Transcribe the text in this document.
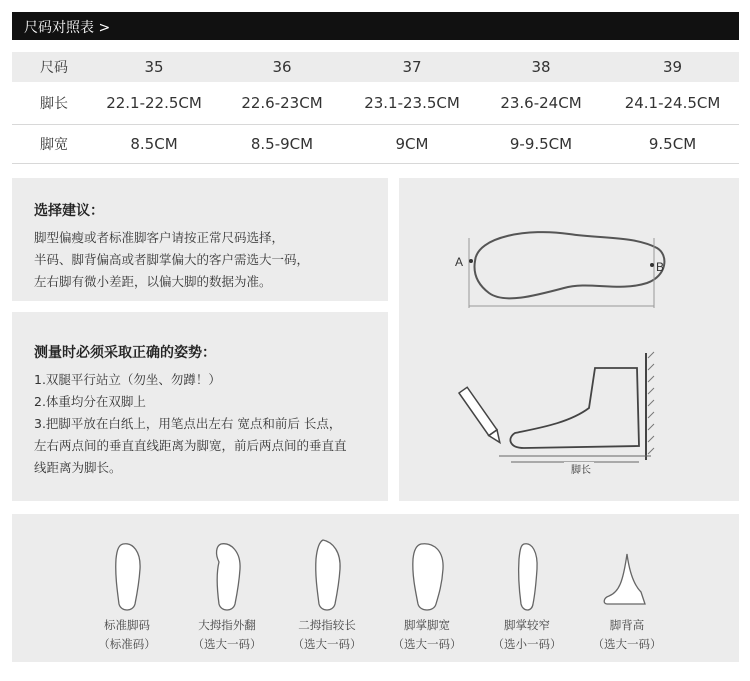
尺码对照表 >
尺码	35	36	37	38	39
脚长	22.1-22.5CM	22.6-23CM	23.1-23.5CM	23.6-24CM	24.1-24.5CM
脚宽	8.5CM	8.5-9CM	9CM	9-9.5CM	9.5CM
选择建议：
脚型偏瘦或者标准脚客户请按正常尺码选择，
半码、脚背偏高或者脚掌偏大的客户需选大一码，
左右脚有微小差距，以偏大脚的数据为准。
测量时必须采取正确的姿势：
1.双腿平行站立（勿坐、勿蹲！）
2.体重均分在双脚上
3.把脚平放在白纸上，用笔点出左右 宽点和前后 长点，
左右两点间的垂直直线距离为脚宽，前后两点间的垂直直
线距离为脚长。
A	B
脚长
标准脚码
（标准码）
大拇指外翻
（选大一码）
二拇指较长
（选大一码）
脚掌脚宽
（选大一码）
脚掌较窄
（选小一码）
脚背高
（选大一码）
